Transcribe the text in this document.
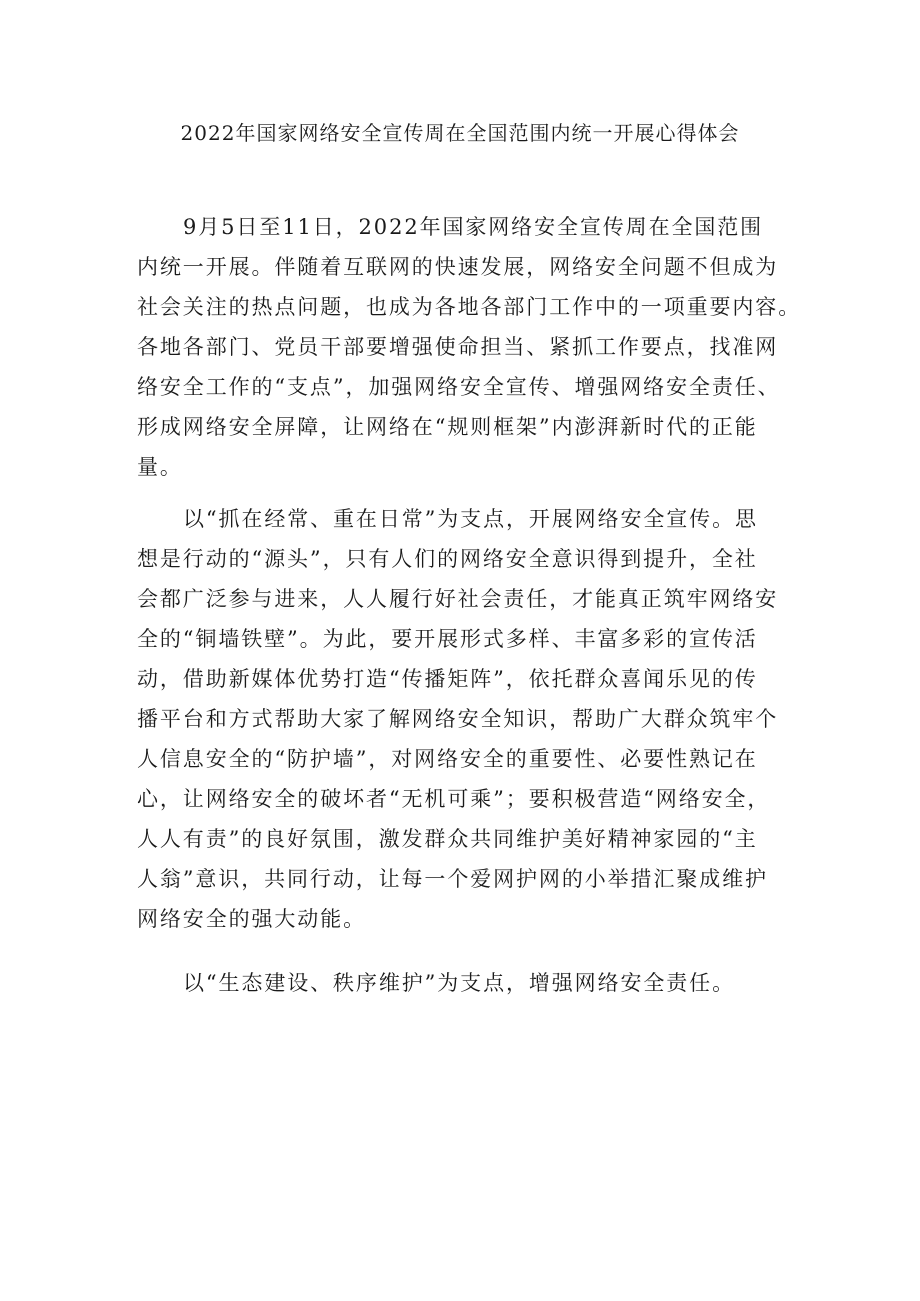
2022年国家网络安全宣传周在全国范围内统一开展心得体会
9月5日至11日，2022年国家网络安全宣传周在全国范围
内统一开展。伴随着互联网的快速发展，网络安全问题不但成为
社会关注的热点问题，也成为各地各部门工作中的一项重要内容。
各地各部门、党员干部要增强使命担当、紧抓工作要点，找准网
络安全工作的“支点”，加强网络安全宣传、增强网络安全责任、
形成网络安全屏障，让网络在“规则框架”内澎湃新时代的正能
量。
以“抓在经常、重在日常”为支点，开展网络安全宣传。思
想是行动的“源头”，只有人们的网络安全意识得到提升，全社
会都广泛参与进来，人人履行好社会责任，才能真正筑牢网络安
全的“铜墙铁壁”。为此，要开展形式多样、丰富多彩的宣传活
动，借助新媒体优势打造“传播矩阵”，依托群众喜闻乐见的传
播平台和方式帮助大家了解网络安全知识，帮助广大群众筑牢个
人信息安全的“防护墙”，对网络安全的重要性、必要性熟记在
心，让网络安全的破坏者“无机可乘”；要积极营造“网络安全，
人人有责”的良好氛围，激发群众共同维护美好精神家园的“主
人翁”意识，共同行动，让每一个爱网护网的小举措汇聚成维护
网络安全的强大动能。
以“生态建设、秩序维护”为支点，增强网络安全责任。
